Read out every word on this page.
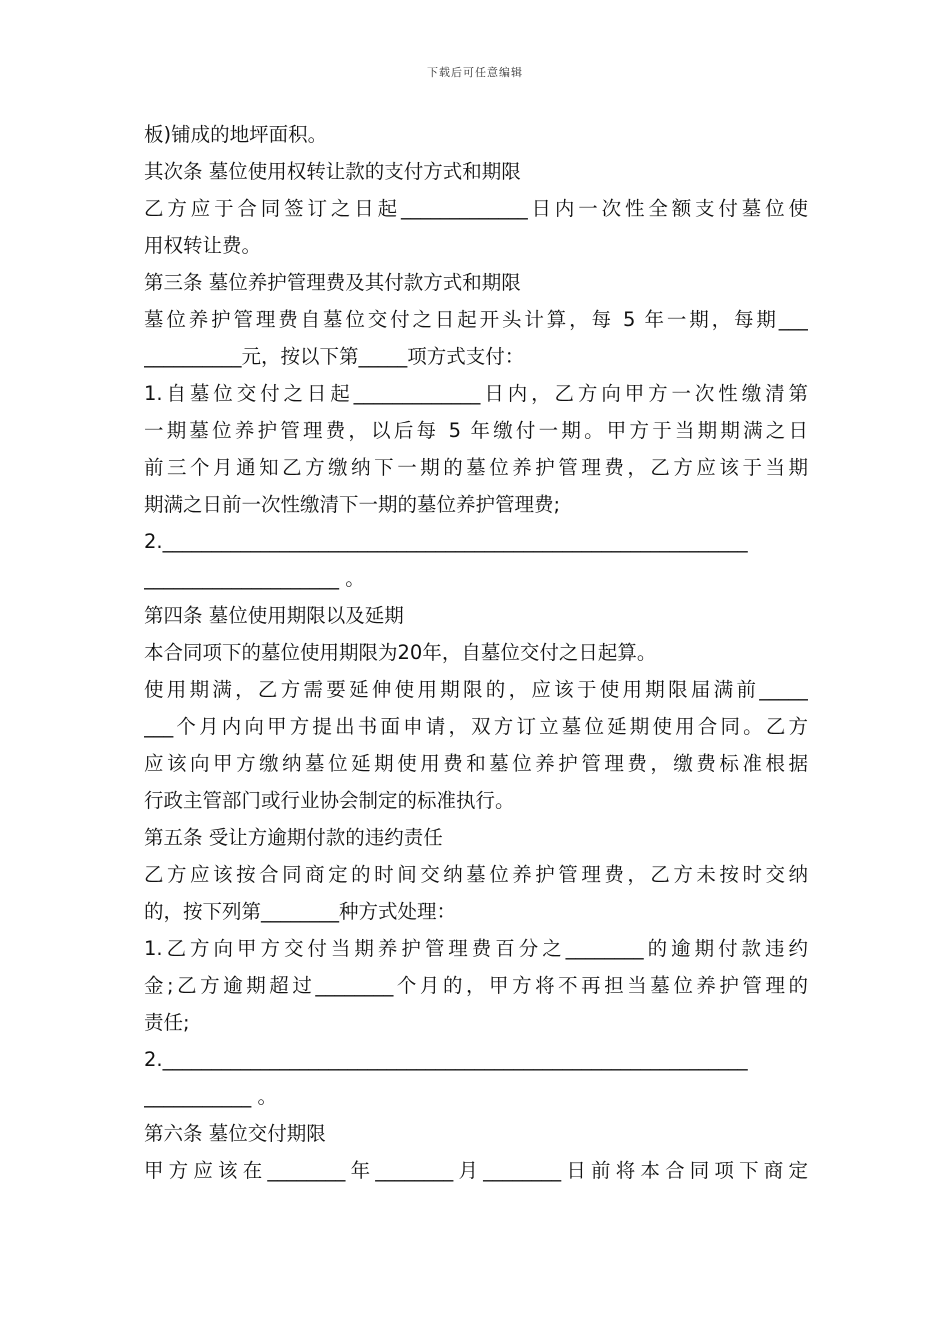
下载后可任意编辑
板)铺成的地坪面积。
其次条 墓位使用权转让款的支付方式和期限
乙方应于合同签订之日起_____________日内一次性全额支付墓位使
用权转让费。
第三条 墓位养护管理费及其付款方式和期限
墓位养护管理费自墓位交付之日起开头计算，每 5 年一期，每期___
__________元，按以下第_____项方式支付：
1.自墓位交付之日起_____________日内，乙方向甲方一次性缴清第
一期墓位养护管理费，以后每 5 年缴付一期。甲方于当期期满之日
前三个月通知乙方缴纳下一期的墓位养护管理费，乙方应该于当期
期满之日前一次性缴清下一期的墓位养护管理费;
2.____________________________________________________________
____________________ 。
第四条 墓位使用期限以及延期
本合同项下的墓位使用期限为20年，自墓位交付之日起算。
使用期满，乙方需要延伸使用期限的，应该于使用期限届满前_____
___个月内向甲方提出书面申请，双方订立墓位延期使用合同。乙方
应该向甲方缴纳墓位延期使用费和墓位养护管理费，缴费标准根据
行政主管部门或行业协会制定的标准执行。
第五条 受让方逾期付款的违约责任
乙方应该按合同商定的时间交纳墓位养护管理费，乙方未按时交纳
的，按下列第________种方式处理：
1.乙方向甲方交付当期养护管理费百分之________的逾期付款违约
金;乙方逾期超过________个月的，甲方将不再担当墓位养护管理的
责任;
2.____________________________________________________________
___________ 。
第六条 墓位交付期限
甲方应该在________年________月________日前将本合同项下商定
